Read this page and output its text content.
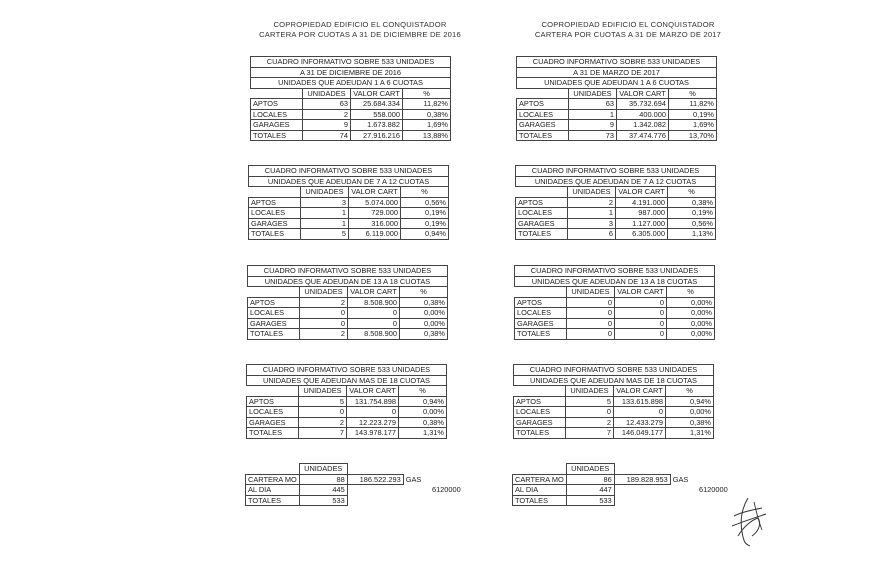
COPROPIEDAD EDIFICIO EL CONQUISTADOR
CARTERA POR CUOTAS A 31 DE DICIEMBRE DE 2016
COPROPIEDAD EDIFICIO EL CONQUISTADOR
CARTERA POR CUOTAS A 31 DE MARZO DE 2017
CUADRO INFORMATIVO SOBRE 533 UNIDADES			
A 31 DE DICIEMBRE DE 2016			
UNIDADES QUE ADEUDAN 1 A 6 CUOTAS			
	UNIDADES	VALOR CART	%
APTOS	63	25.684.334	11,82%
LOCALES	2	558.000	0,38%
GARAGES	9	1.673.882	1,69%
TOTALES	74	27.916.216	13,88%
CUADRO INFORMATIVO SOBRE 533 UNIDADES			
UNIDADES QUE ADEUDAN DE 7 A 12 CUOTAS			
	UNIDADES	VALOR CART	%
APTOS	3	5.074.000	0,56%
LOCALES	1	729.000	0,19%
GARAGES	1	316.000	0,19%
TOTALES	5	6.119.000	0,94%
CUADRO INFORMATIVO SOBRE 533 UNIDADES			
UNIDADES QUE ADEUDAN DE 13 A 18 CUOTAS			
	UNIDADES	VALOR CART	%
APTOS	2	8.508.900	0,38%
LOCALES	0	0	0,00%
GARAGES	0	0	0,00%
TOTALES	2	8.508.900	0,38%
CUADRO INFORMATIVO SOBRE 533 UNIDADES			
UNIDADES QUE ADEUDAN MAS DE 18 CUOTAS			
	UNIDADES	VALOR CART	%
APTOS	5	131.754.898	0,94%
LOCALES	0	0	0,00%
GARAGES	2	12.223.279	0,38%
TOTALES	7	143.978.177	1,31%
CUADRO INFORMATIVO SOBRE 533 UNIDADES			
A 31 DE MARZO DE 2017			
UNIDADES QUE ADEUDAN 1 A 6 CUOTAS			
	UNIDADES	VALOR CART	%
APTOS	63	35.732.694	11,82%
LOCALES	1	400.000	0,19%
GARAGES	9	1.342.082	1,69%
TOTALES	73	37.474.776	13,70%
CUADRO INFORMATIVO SOBRE 533 UNIDADES			
UNIDADES QUE ADEUDAN DE 7 A 12 CUOTAS			
	UNIDADES	VALOR CART	%
APTOS	2	4.191.000	0,38%
LOCALES	1	987.000	0,19%
GARAGES	3	1.127.000	0,56%
TOTALES	6	6.305.000	1,13%
CUADRO INFORMATIVO SOBRE 533 UNIDADES			
UNIDADES QUE ADEUDAN DE 13 A 18 CUOTAS			
	UNIDADES	VALOR CART	%
APTOS	0	0	0,00%
LOCALES	0	0	0,00%
GARAGES	0	0	0,00%
TOTALES	0	0	0,00%
CUADRO INFORMATIVO SOBRE 533 UNIDADES			
UNIDADES QUE ADEUDAN MAS DE 18 CUOTAS			
	UNIDADES	VALOR CART	%
APTOS	5	133.615.898	0,94%
LOCALES	0	0	0,00%
GARAGES	2	12.433.279	0,38%
TOTALES	7	146.049.177	1,31%
	UNIDADES		
CARTERA MO	88	186.522.293	GAS
AL DIA	445		6120000
TOTALES	533		
	UNIDADES		
CARTERA MO	86	189.828.953	GAS
AL DIA	447		6120000
TOTALES	533		
